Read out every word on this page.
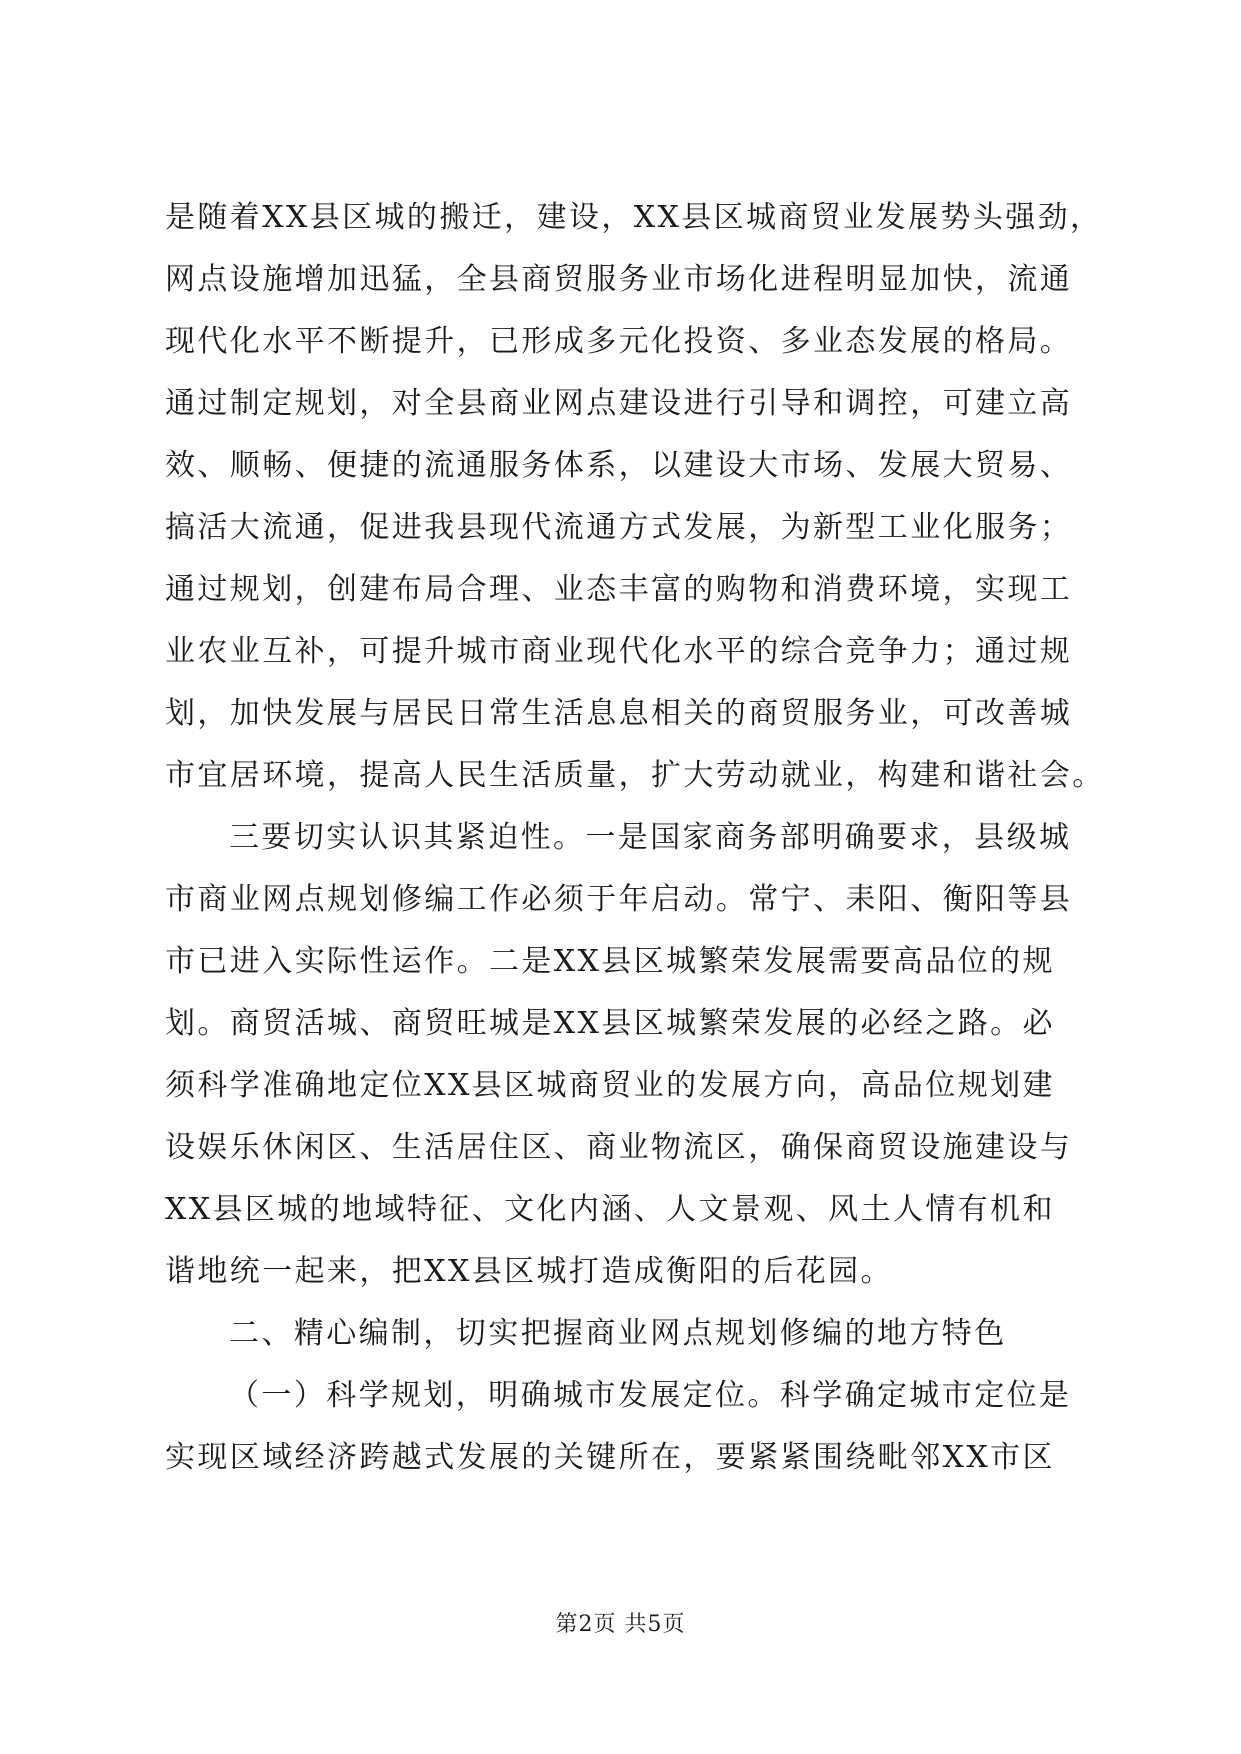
是随着XX县区城的搬迁，建设，XX县区城商贸业发展势头强劲，
网点设施增加迅猛，全县商贸服务业市场化进程明显加快，流通
现代化水平不断提升，已形成多元化投资、多业态发展的格局。
通过制定规划，对全县商业网点建设进行引导和调控，可建立高
效、顺畅、便捷的流通服务体系，以建设大市场、发展大贸易、
搞活大流通，促进我县现代流通方式发展，为新型工业化服务；
通过规划，创建布局合理、业态丰富的购物和消费环境，实现工
业农业互补，可提升城市商业现代化水平的综合竞争力；通过规
划，加快发展与居民日常生活息息相关的商贸服务业，可改善城
市宜居环境，提高人民生活质量，扩大劳动就业，构建和谐社会。
三要切实认识其紧迫性。一是国家商务部明确要求，县级城
市商业网点规划修编工作必须于年启动。常宁、耒阳、衡阳等县
市已进入实际性运作。二是XX县区城繁荣发展需要高品位的规
划。商贸活城、商贸旺城是XX县区城繁荣发展的必经之路。必
须科学准确地定位XX县区城商贸业的发展方向，高品位规划建
设娱乐休闲区、生活居住区、商业物流区，确保商贸设施建设与
XX县区城的地域特征、文化内涵、人文景观、风土人情有机和
谐地统一起来，把XX县区城打造成衡阳的后花园。
二、精心编制，切实把握商业网点规划修编的地方特色
（一）科学规划，明确城市发展定位。科学确定城市定位是
实现区域经济跨越式发展的关键所在，要紧紧围绕毗邻XX市区
第2页 共5页
